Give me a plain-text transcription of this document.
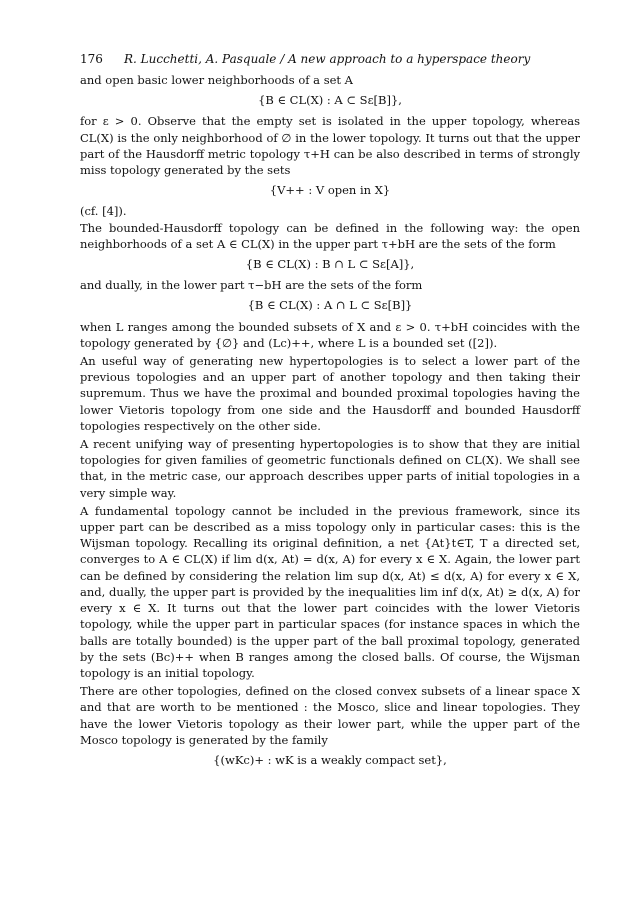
176 R. Lucchetti, A. Pasquale / A new approach to a hyperspace theory

and open basic lower neighborhoods of a set A

{B ∈ CL(X) : A ⊂ Sε[B]},

for ε > 0. Observe that the empty set is isolated in the upper topology, whereas CL(X) is the only neighborhood of ∅ in the lower topology. It turns out that the upper part of the Hausdorff metric topology τ+H can be also described in terms of strongly miss topology generated by the sets

{V++ : V open in X}

(cf. [4]).

The bounded-Hausdorff topology can be defined in the following way: the open neighborhoods of a set A ∈ CL(X) in the upper part τ+bH are the sets of the form

{B ∈ CL(X) : B ∩ L ⊂ Sε[A]},

and dually, in the lower part τ−bH are the sets of the form

{B ∈ CL(X) : A ∩ L ⊂ Sε[B]}

when L ranges among the bounded subsets of X and ε > 0. τ+bH coincides with the topology generated by {∅} and (Lc)++, where L is a bounded set ([2]).

An useful way of generating new hypertopologies is to select a lower part of the previous topologies and an upper part of another topology and then taking their supremum. Thus we have the proximal and bounded proximal topologies having the lower Vietoris topology from one side and the Hausdorff and bounded Hausdorff topologies respectively on the other side.

A recent unifying way of presenting hypertopologies is to show that they are initial topologies for given families of geometric functionals defined on CL(X). We shall see that, in the metric case, our approach describes upper parts of initial topologies in a very simple way.

A fundamental topology cannot be included in the previous framework, since its upper part can be described as a miss topology only in particular cases: this is the Wijsman topology. Recalling its original definition, a net {At}t∈T, T a directed set, converges to A ∈ CL(X) if lim d(x, At) = d(x, A) for every x ∈ X. Again, the lower part can be defined by considering the relation lim sup d(x, At) ≤ d(x, A) for every x ∈ X, and, dually, the upper part is provided by the inequalities lim inf d(x, At) ≥ d(x, A) for every x ∈ X. It turns out that the lower part coincides with the lower Vietoris topology, while the upper part in particular spaces (for instance spaces in which the balls are totally bounded) is the upper part of the ball proximal topology, generated by the sets (Bc)++ when B ranges among the closed balls. Of course, the Wijsman topology is an initial topology.

There are other topologies, defined on the closed convex subsets of a linear space X and that are worth to be mentioned : the Mosco, slice and linear topologies. They have the lower Vietoris topology as their lower part, while the upper part of the Mosco topology is generated by the family

{(wKc)+ : wK is a weakly compact set},
